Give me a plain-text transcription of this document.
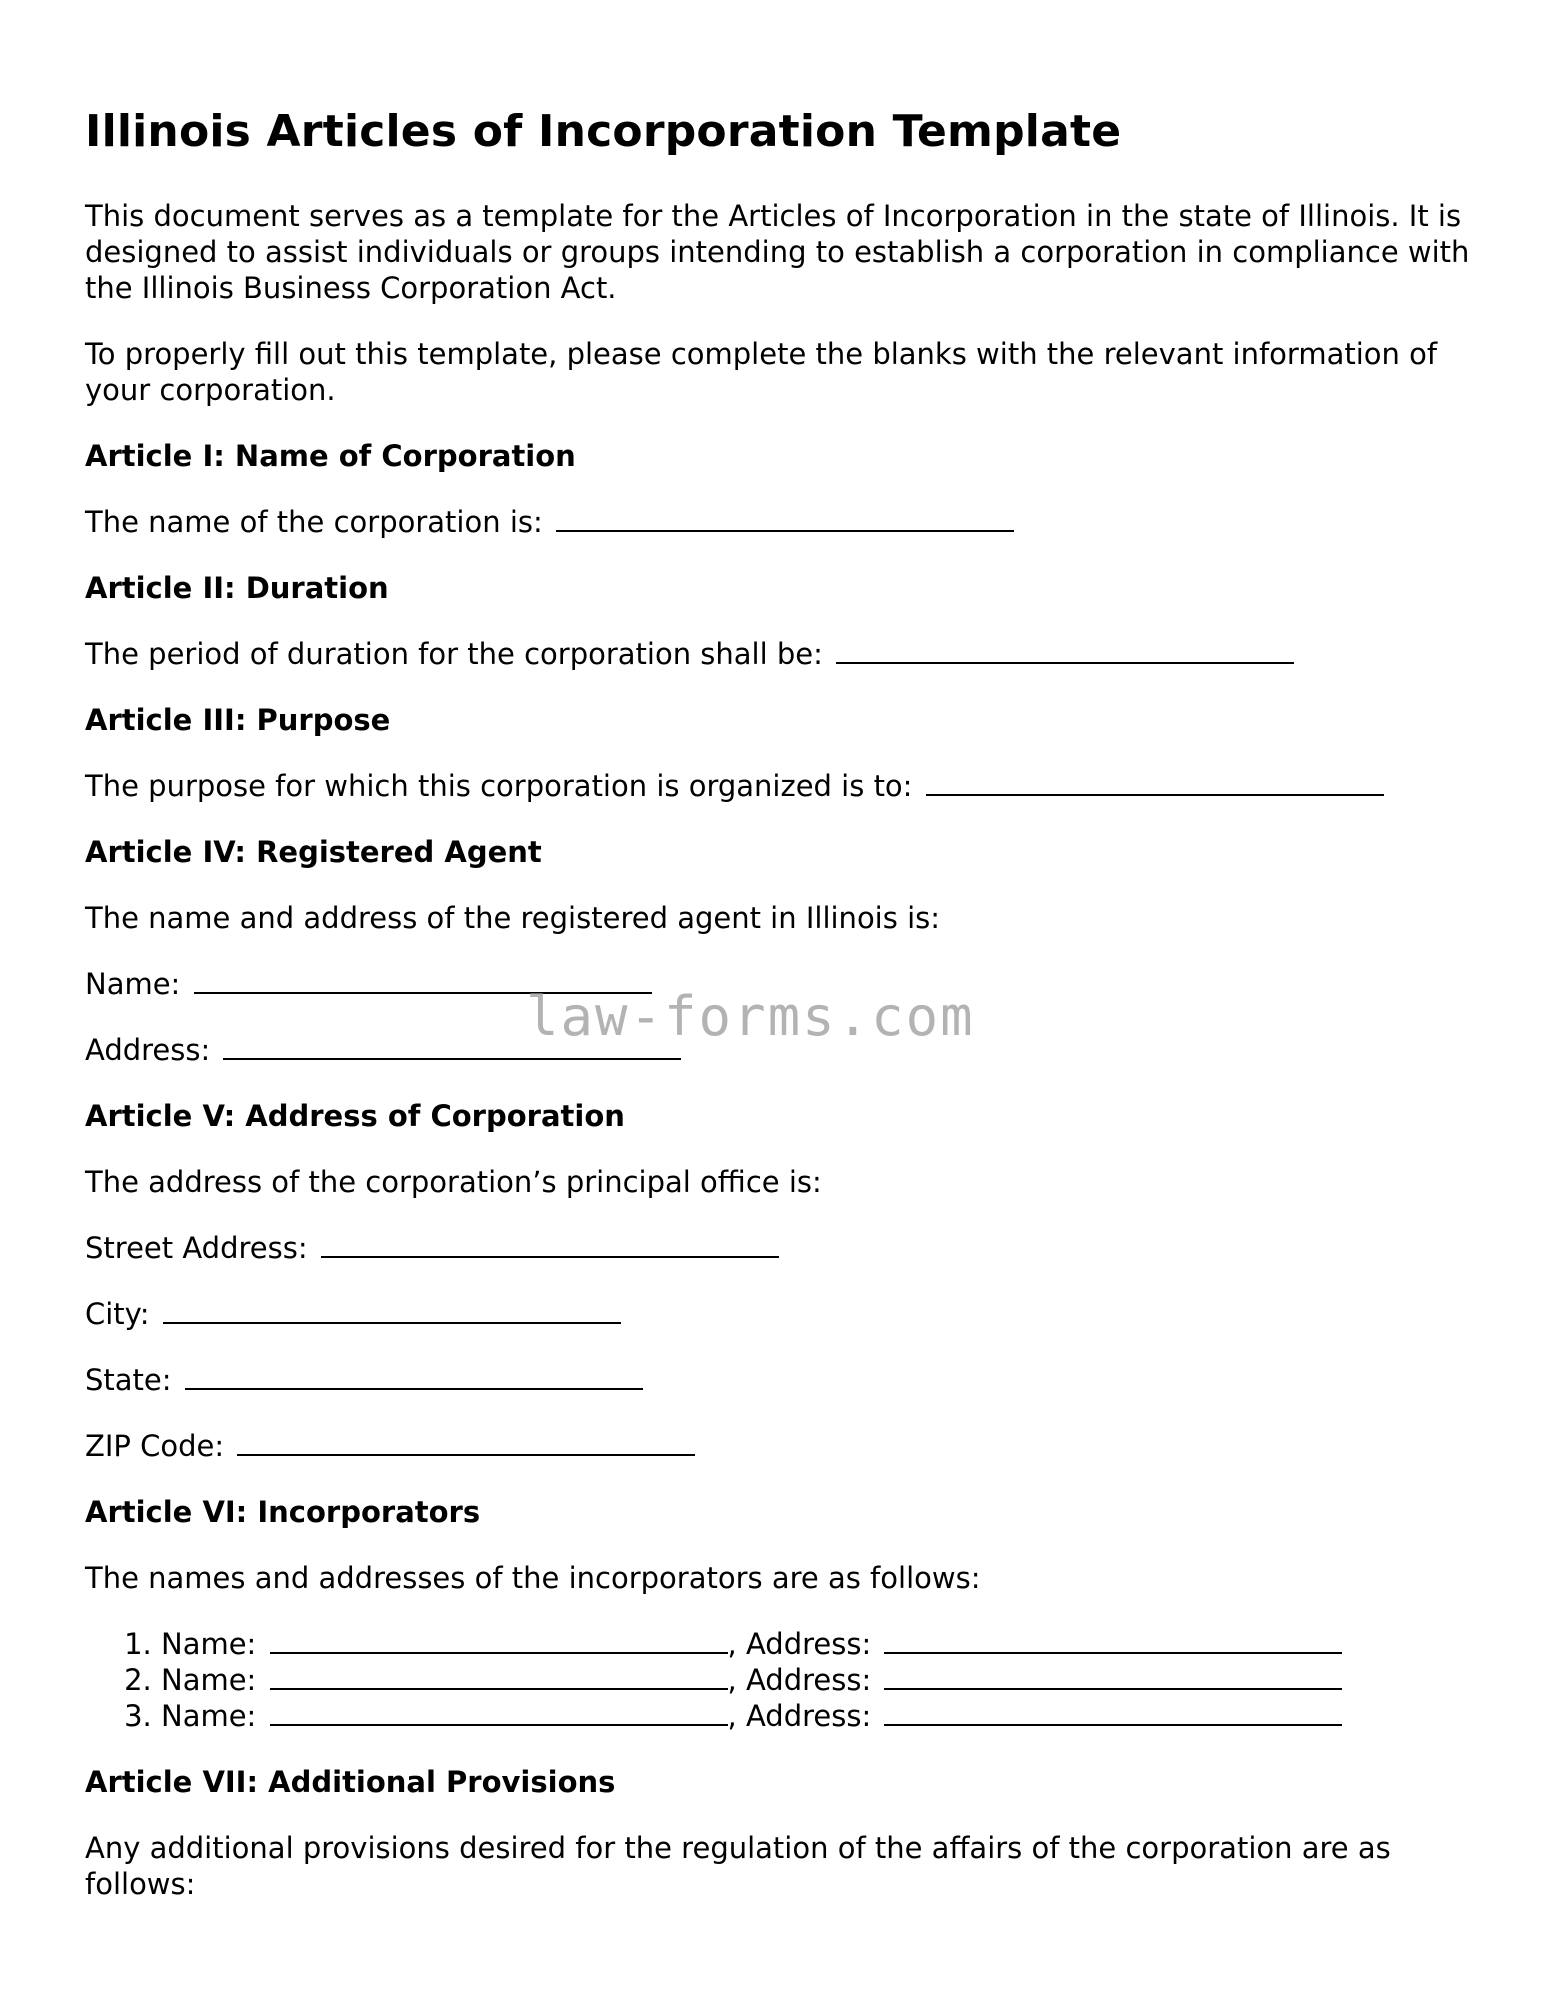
Illinois Articles of Incorporation Template

This document serves as a template for the Articles of Incorporation in the state of Illinois. It is designed to assist individuals or groups intending to establish a corporation in compliance with the Illinois Business Corporation Act.

To properly fill out this template, please complete the blanks with the relevant information of your corporation.

Article I: Name of Corporation

The name of the corporation is:

Article II: Duration

The period of duration for the corporation shall be:

Article III: Purpose

The purpose for which this corporation is organized is to:

Article IV: Registered Agent

The name and address of the registered agent in Illinois is:

Name:

Address:

Article V: Address of Corporation

The address of the corporation’s principal office is:

Street Address:

City:

State:

ZIP Code:

Article VI: Incorporators

The names and addresses of the incorporators are as follows:

1. Name:	, Address:
2. Name:	, Address:
3. Name:	, Address:
Article VII: Additional Provisions

Any additional provisions desired for the regulation of the affairs of the corporation are as follows:

law-forms.com
